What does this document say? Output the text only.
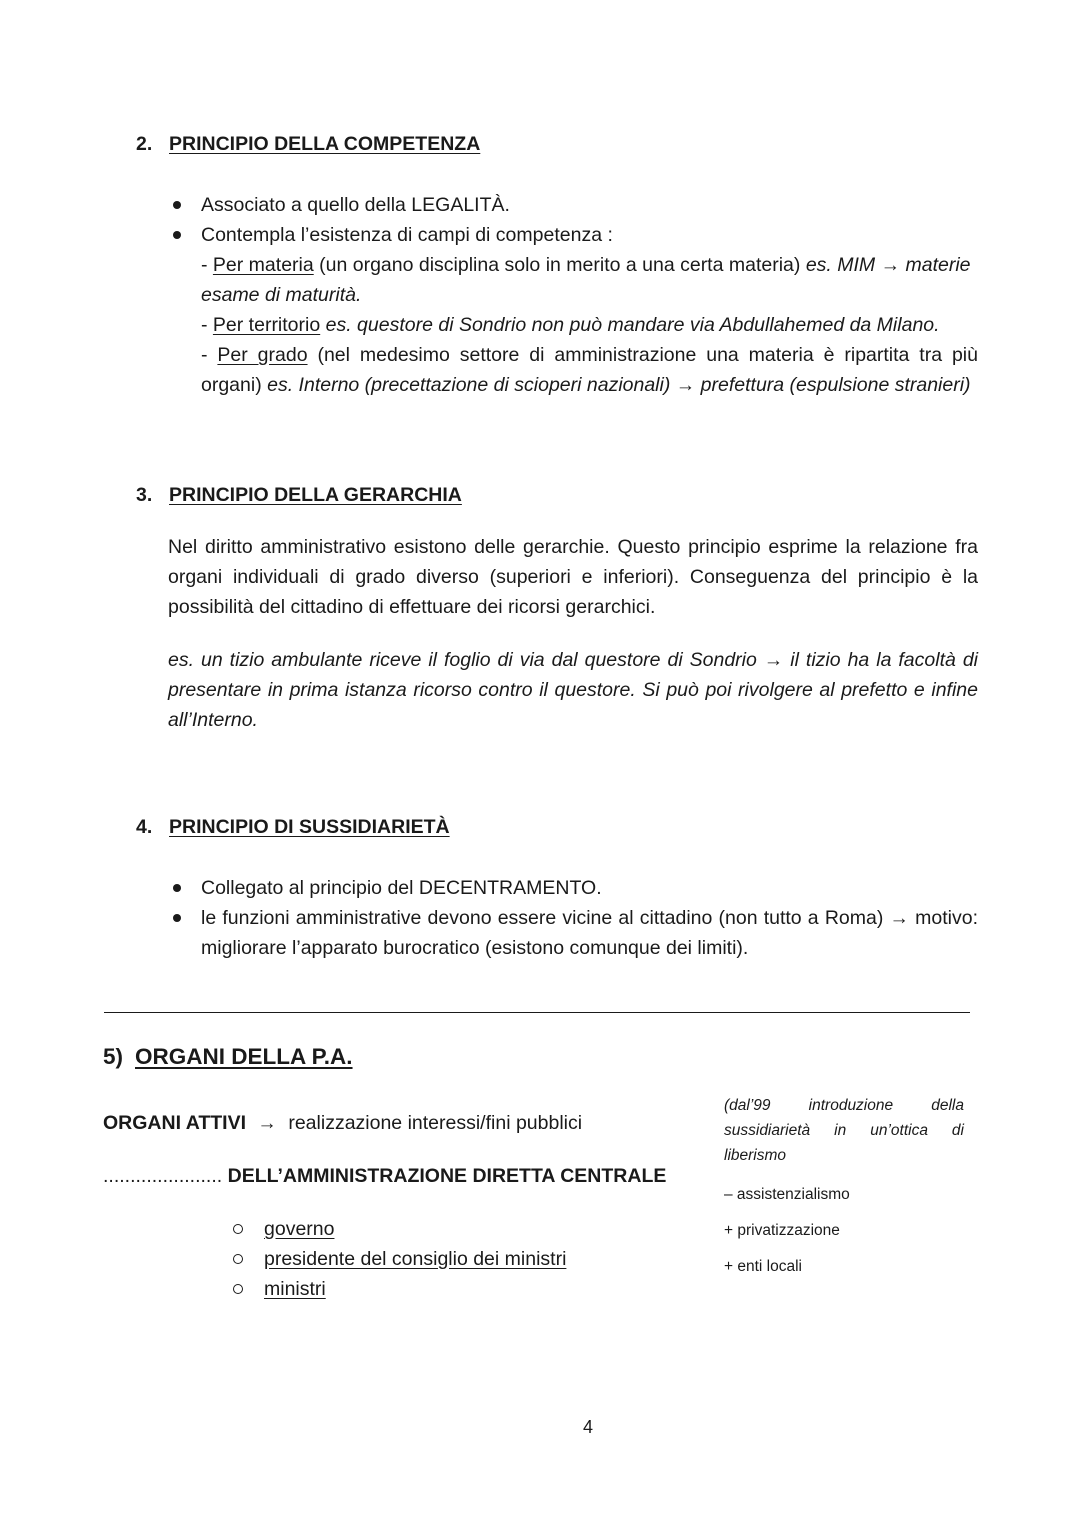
2. PRINCIPIO DELLA COMPETENZA
Associato a quello della LEGALITÀ.
Contemplа l’esistenza di campi di competenza :
- Per materia (un organo disciplina solo in merito a una certa materia) es. MIM → materie
esame di maturità.
- Per territorio es. questore di Sondrio non può mandare via Abdullahemed da Milano.
- Per grado (nel medesimo settore di amministrazione una materia è ripartita tra più
organi) es. Interno (precettazione di scioperi nazionali) → prefettura (espulsione stranieri)
3. PRINCIPIO DELLA GERARCHIA
Nel diritto amministrativo esistono delle gerarchie. Questo principio esprime la relazione fra
organi individuali di grado diverso (superiori e inferiori). Conseguenza del principio è la
possibilità del cittadino di effettuare dei ricorsi gerarchici.
es. un tizio ambulante riceve il foglio di via dal questore di Sondrio → il tizio ha la facoltà di
presentare in prima istanza ricorso contro il questore. Si può poi rivolgere al prefetto e infine
all’Interno.
4. PRINCIPIO DI SUSSIDIARIETÀ
Collegato al principio del DECENTRAMENTO.
le funzioni amministrative devono essere vicine al cittadino (non tutto a Roma) → motivo:
migliorare l’apparato burocratico (esistono comunque dei limiti).
5) ORGANI DELLA P.A.
ORGANI ATTIVI → realizzazione interessi/fini pubblici
...................... DELL’AMMINISTRAZIONE DIRETTA CENTRALE
governo
presidente del consiglio dei ministri
ministri
(dal’99 introduzione della
sussidiarietà in un’ottica di
liberismo
– assistenzialismo
+ privatizzazione
+ enti locali
4
